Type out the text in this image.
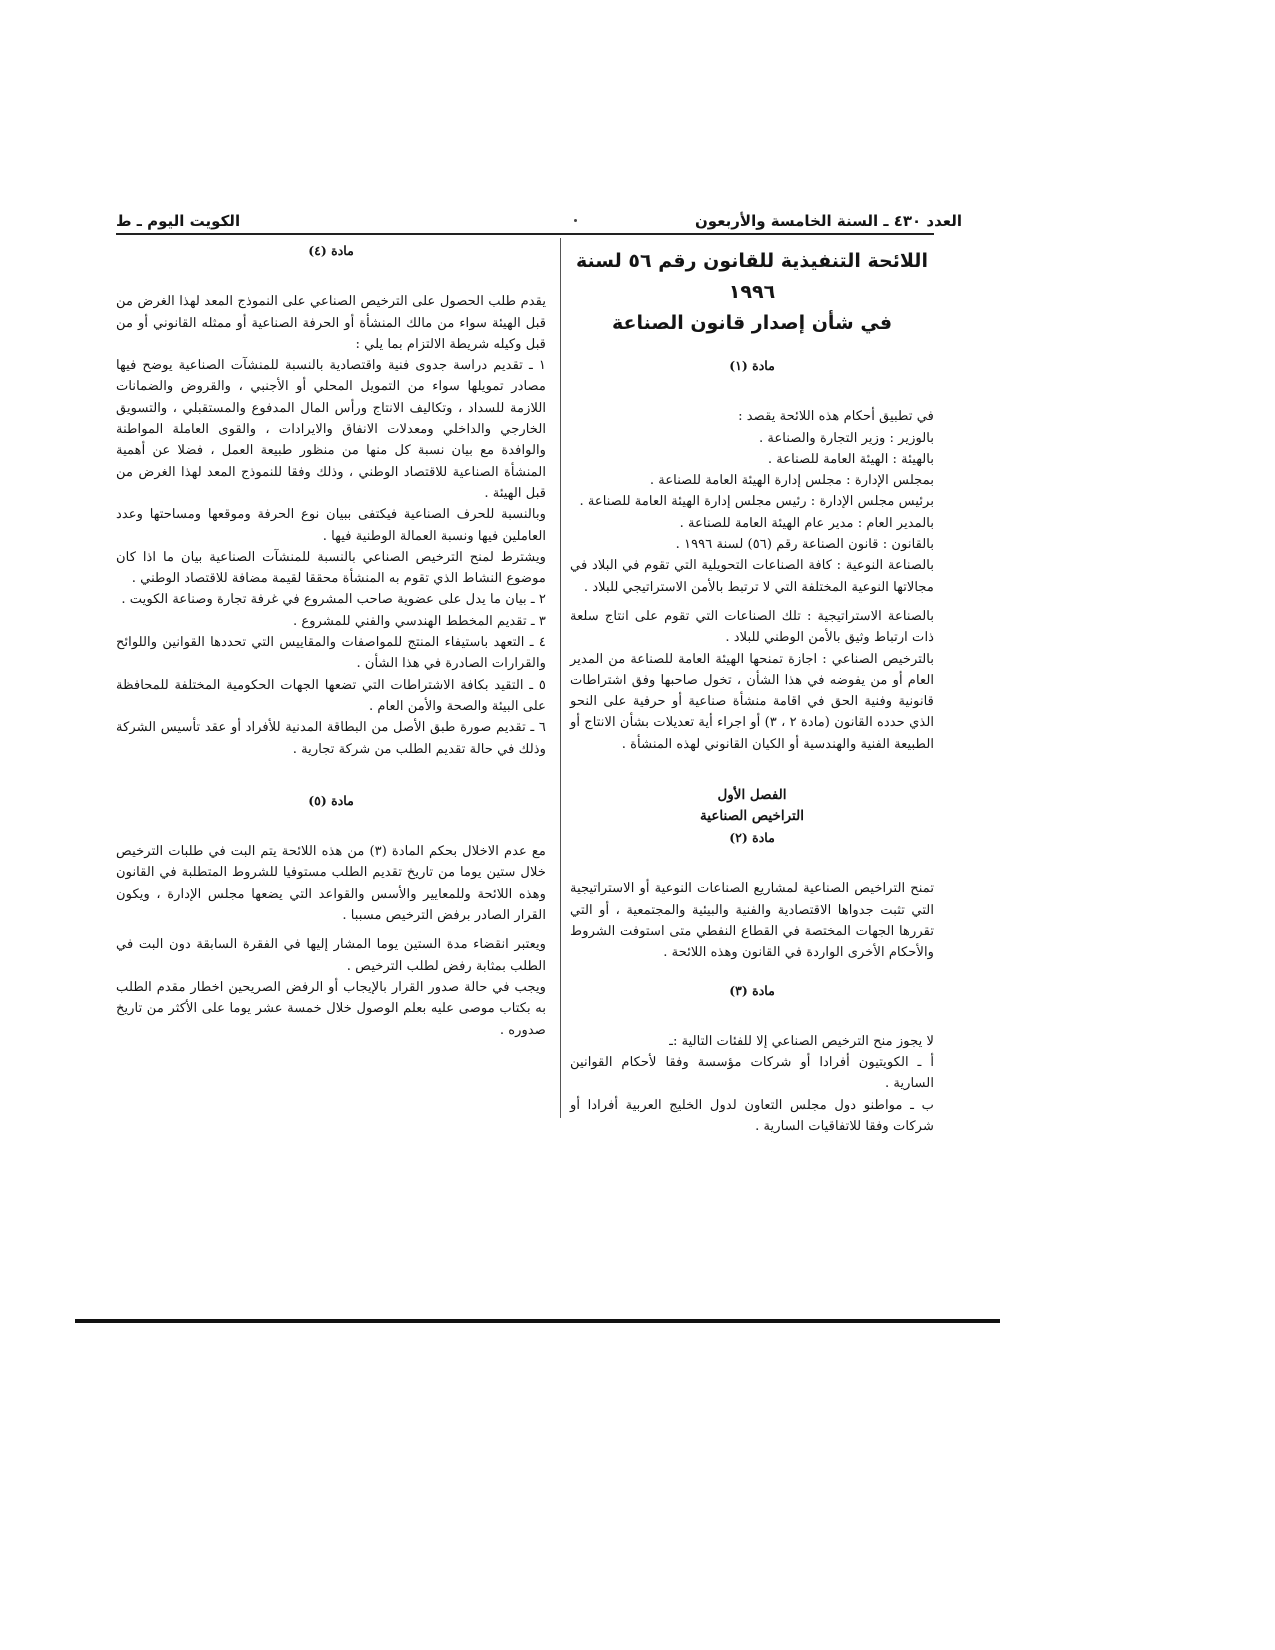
العدد ٤٣٠ ـ السنة الخامسة والأربعون
الكويت اليوم ـ ط
اللائحة التنفيذية للقانون رقم ٥٦ لسنة ١٩٩٦
في شأن إصدار قانون الصناعة

مادة (١)

في تطبيق أحكام هذه اللائحة يقصد :

بالوزير : وزير التجارة والصناعة .

بالهيئة : الهيئة العامة للصناعة .

بمجلس الإدارة : مجلس إدارة الهيئة العامة للصناعة .

برئيس مجلس الإدارة : رئيس مجلس إدارة الهيئة العامة للصناعة .

بالمدير العام : مدير عام الهيئة العامة للصناعة .

بالقانون : قانون الصناعة رقم (٥٦) لسنة ١٩٩٦ .

بالصناعة النوعية : كافة الصناعات التحويلية التي تقوم في البلاد في مجالاتها النوعية المختلفة التي لا ترتبط بالأمن الاستراتيجي للبلاد .

بالصناعة الاستراتيجية : تلك الصناعات التي تقوم على انتاج سلعة ذات ارتباط وثيق بالأمن الوطني للبلاد .

بالترخيص الصناعي : اجازة تمنحها الهيئة العامة للصناعة من المدير العام أو من يفوضه في هذا الشأن ، تخول صاحبها وفق اشتراطات قانونية وفنية الحق في اقامة منشأة صناعية أو حرفية على النحو الذي حدده القانون (مادة ٢ ، ٣) أو اجراء أية تعديلات بشأن الانتاج أو الطبيعة الفنية والهندسية أو الكيان القانوني لهذه المنشأة .

الفصل الأول

التراخيص الصناعية

مادة (٢)

تمنح التراخيص الصناعية لمشاريع الصناعات النوعية أو الاستراتيجية التي تثبت جدواها الاقتصادية والفنية والبيئية والمجتمعية ، أو التي تقررها الجهات المختصة في القطاع النفطي متى استوفت الشروط والأحكام الأخرى الواردة في القانون وهذه اللائحة .

مادة (٣)

لا يجوز منح الترخيص الصناعي إلا للفئات التالية :ـ

أ ـ الكويتيون أفرادا أو شركات مؤسسة وفقا لأحكام القوانين السارية .

ب ـ مواطنو دول مجلس التعاون لدول الخليج العربية أفرادا أو شركات وفقا للاتفاقيات السارية .

مادة (٤)

يقدم طلب الحصول على الترخيص الصناعي على النموذج المعد لهذا الغرض من قبل الهيئة سواء من مالك المنشأة أو الحرفة الصناعية أو ممثله القانوني أو من قبل وكيله شريطة الالتزام بما يلي :

١ ـ تقديم دراسة جدوى فنية واقتصادية بالنسبة للمنشآت الصناعية يوضح فيها مصادر تمويلها سواء من التمويل المحلي أو الأجنبي ، والقروض والضمانات اللازمة للسداد ، وتكاليف الانتاج ورأس المال المدفوع والمستقبلي ، والتسويق الخارجي والداخلي ومعدلات الانفاق والايرادات ، والقوى العاملة المواطنة والوافدة مع بيان نسبة كل منها من منظور طبيعة العمل ، فضلا عن أهمية المنشأة الصناعية للاقتصاد الوطني ، وذلك وفقا للنموذج المعد لهذا الغرض من قبل الهيئة .

وبالنسبة للحرف الصناعية فيكتفى ببيان نوع الحرفة وموقعها ومساحتها وعدد العاملين فيها ونسبة العمالة الوطنية فيها .

ويشترط لمنح الترخيص الصناعي بالنسبة للمنشآت الصناعية بيان ما اذا كان موضوع النشاط الذي تقوم به المنشأة محققا لقيمة مضافة للاقتصاد الوطني .

٢ ـ بيان ما يدل على عضوية صاحب المشروع في غرفة تجارة وصناعة الكويت .

٣ ـ تقديم المخطط الهندسي والفني للمشروع .

٤ ـ التعهد باستيفاء المنتج للمواصفات والمقاييس التي تحددها القوانين واللوائح والقرارات الصادرة في هذا الشأن .

٥ ـ التقيد بكافة الاشتراطات التي تضعها الجهات الحكومية المختلفة للمحافظة على البيئة والصحة والأمن العام .

٦ ـ تقديم صورة طبق الأصل من البطاقة المدنية للأفراد أو عقد تأسيس الشركة وذلك في حالة تقديم الطلب من شركة تجارية .

مادة (٥)

مع عدم الاخلال بحكم المادة (٣) من هذه اللائحة يتم البت في طلبات الترخيص خلال ستين يوما من تاريخ تقديم الطلب مستوفيا للشروط المتطلبة في القانون وهذه اللائحة وللمعايير والأسس والقواعد التي يضعها مجلس الإدارة ، ويكون القرار الصادر برفض الترخيص مسببا .

ويعتبر انقضاء مدة الستين يوما المشار إليها في الفقرة السابقة دون البت في الطلب بمثابة رفض لطلب الترخيص .

ويجب في حالة صدور القرار بالإيجاب أو الرفض الصريحين اخطار مقدم الطلب به بكتاب موصى عليه بعلم الوصول خلال خمسة عشر يوما على الأكثر من تاريخ صدوره .
